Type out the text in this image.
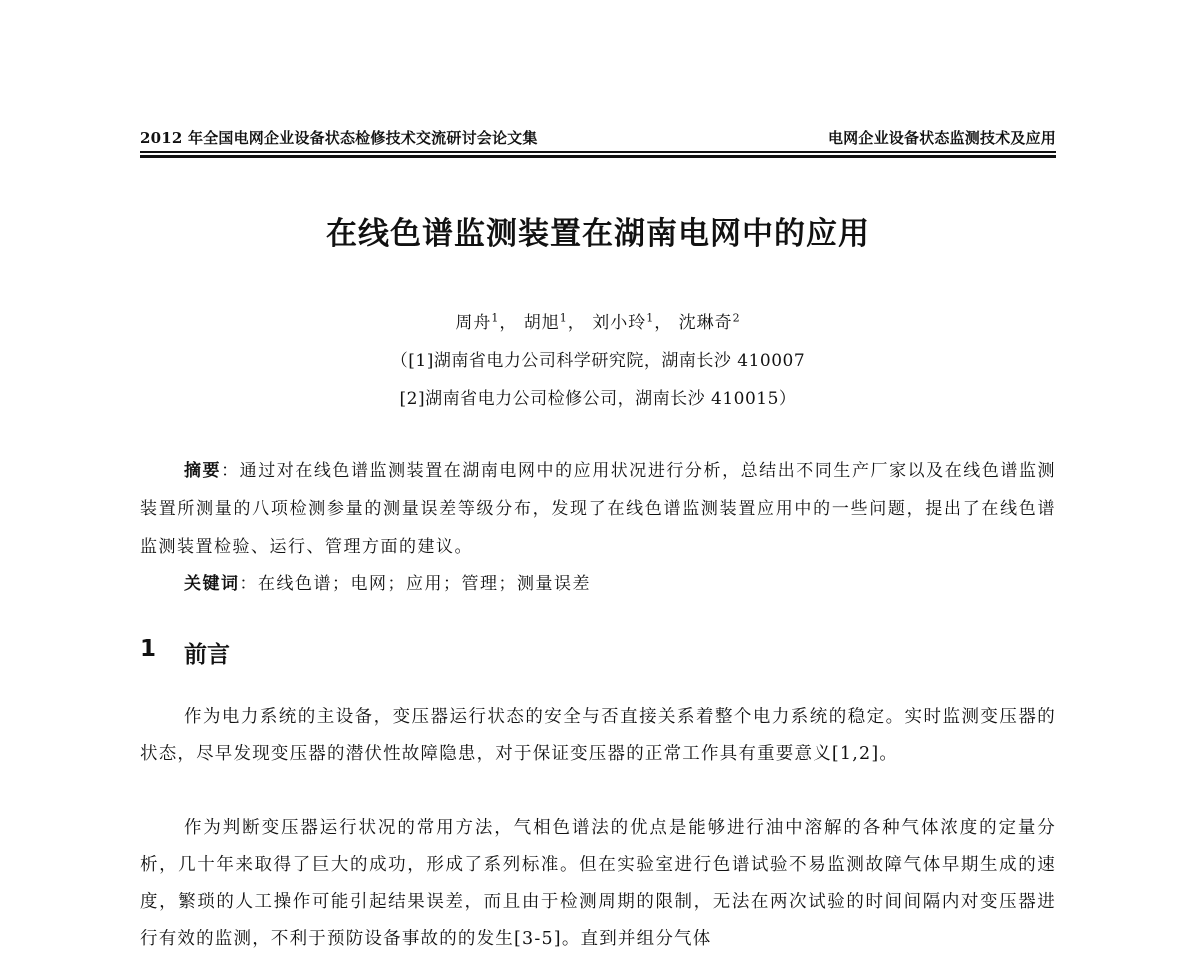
2012 年全国电网企业设备状态检修技术交流研讨会论文集	电网企业设备状态监测技术及应用
在线色谱监测装置在湖南电网中的应用
周舟$^1$， 胡旭$^1$， 刘小玲$^1$， 沈琳奇$^2$
（[1]湖南省电力公司科学研究院，湖南长沙 410007
[2]湖南省电力公司检修公司，湖南长沙 410015）
摘要：通过对在线色谱监测装置在湖南电网中的应用状况进行分析，总结出不同生产厂家以及在线色谱监测装置所测量的八项检测参量的测量误差等级分布，发现了在线色谱监测装置应用中的一些问题，提出了在线色谱监测装置检验、运行、管理方面的建议。
关键词：在线色谱；电网；应用；管理；测量误差
1 前言
作为电力系统的主设备，变压器运行状态的安全与否直接关系着整个电力系统的稳定。实时监测变压器的状态，尽早发现变压器的潜伏性故障隐患，对于保证变压器的正常工作具有重要意义[1,2]。
作为判断变压器运行状况的常用方法，气相色谱法的优点是能够进行油中溶解的各种气体浓度的定量分析，几十年来取得了巨大的成功，形成了系列标准。但在实验室进行色谱试验不易监测故障气体早期生成的速度，繁琐的人工操作可能引起结果误差，而且由于检测周期的限制，无法在两次试验的时间间隔内对变压器进行有效的监测，不利于预防设备事故的的发生[3-5]。直到并组分气体
